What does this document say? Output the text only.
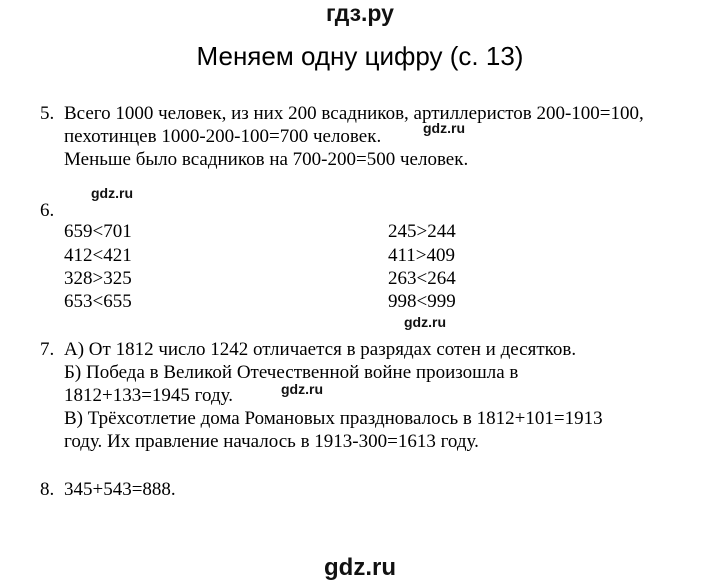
гдз.ру
Меняем одну цифру (с. 13)
5. Всего 1000 человек, из них 200 всадников, артиллеристов 200-100=100,
пехотинцев 1000-200-100=700 человек.
Меньше было всадников на 700-200=500 человек.
gdz.ru
gdz.ru
6.
659<701
412<421
328>325
653<655
245>244
411>409
263<264
998<999
gdz.ru
7. А) От 1812 число 1242 отличается в разрядах сотен и десятков.
Б) Победа в Великой Отечественной войне произошла в
1812+133=1945 году.
В) Трёхсотлетие дома Романовых праздновалось в 1812+101=1913
году. Их правление началось в 1913-300=1613 году.
gdz.ru
8. 345+543=888.
gdz.ru
